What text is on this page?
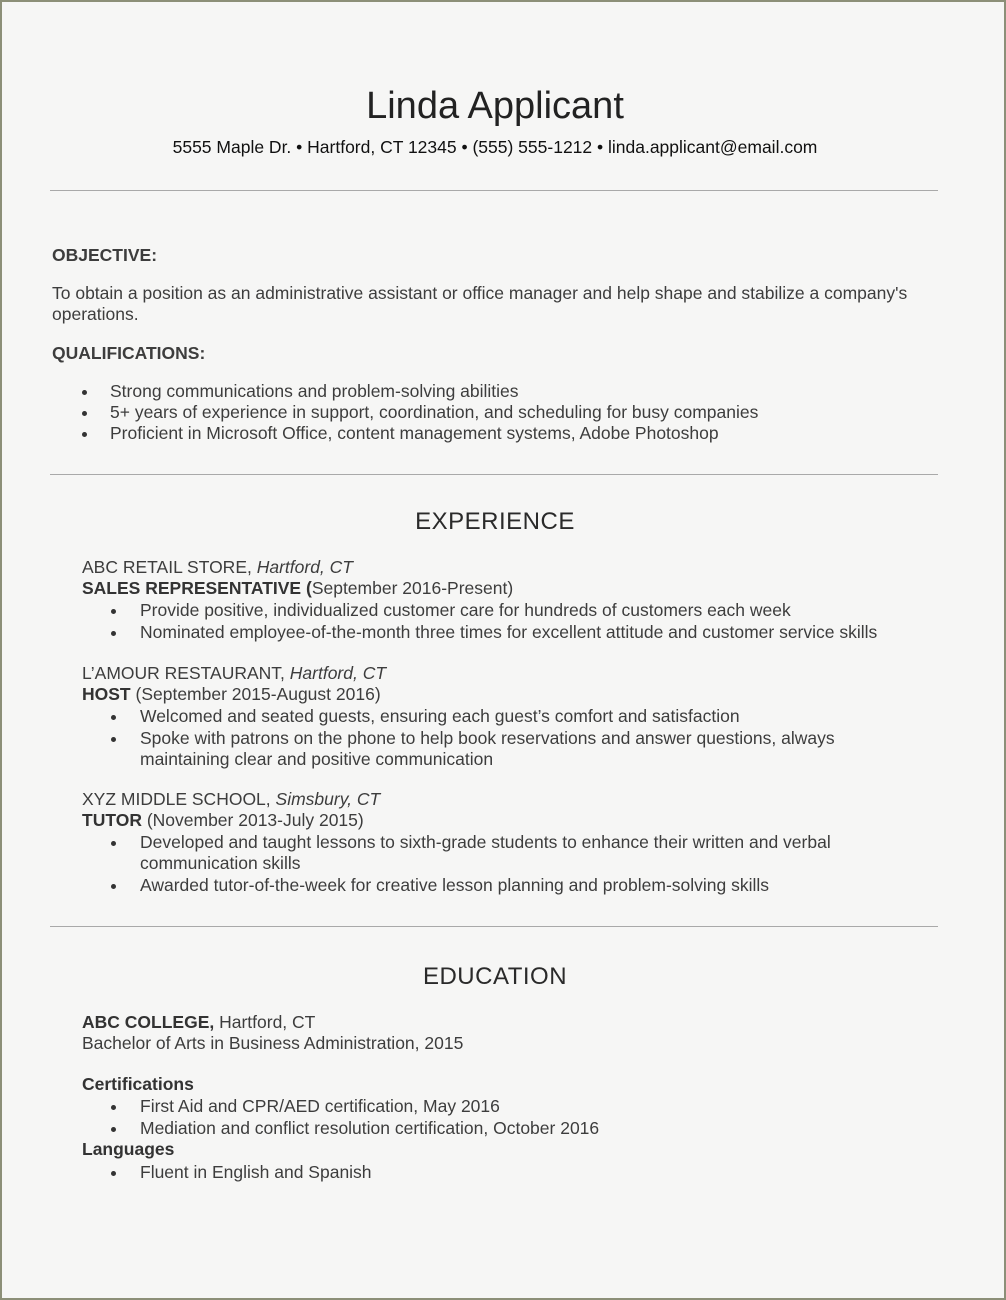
Linda Applicant
5555 Maple Dr. • Hartford, CT 12345 • (555) 555-1212 • linda.applicant@email.com
OBJECTIVE:
To obtain a position as an administrative assistant or office manager and help shape and stabilize a company's operations.
QUALIFICATIONS:
Strong communications and problem-solving abilities
5+ years of experience in support, coordination, and scheduling for busy companies
Proficient in Microsoft Office, content management systems, Adobe Photoshop
EXPERIENCE
ABC RETAIL STORE, Hartford, CT
SALES REPRESENTATIVE (September 2016-Present)
Provide positive, individualized customer care for hundreds of customers each week
Nominated employee-of-the-month three times for excellent attitude and customer service skills
L’AMOUR RESTAURANT, Hartford, CT
HOST (September 2015-August 2016)
Welcomed and seated guests, ensuring each guest’s comfort and satisfaction
Spoke with patrons on the phone to help book reservations and answer questions, always maintaining clear and positive communication
XYZ MIDDLE SCHOOL, Simsbury, CT
TUTOR (November 2013-July 2015)
Developed and taught lessons to sixth-grade students to enhance their written and verbal communication skills
Awarded tutor-of-the-week for creative lesson planning and problem-solving skills
EDUCATION
ABC COLLEGE, Hartford, CT
Bachelor of Arts in Business Administration, 2015
Certifications
First Aid and CPR/AED certification, May 2016
Mediation and conflict resolution certification, October 2016
Languages
Fluent in English and Spanish
